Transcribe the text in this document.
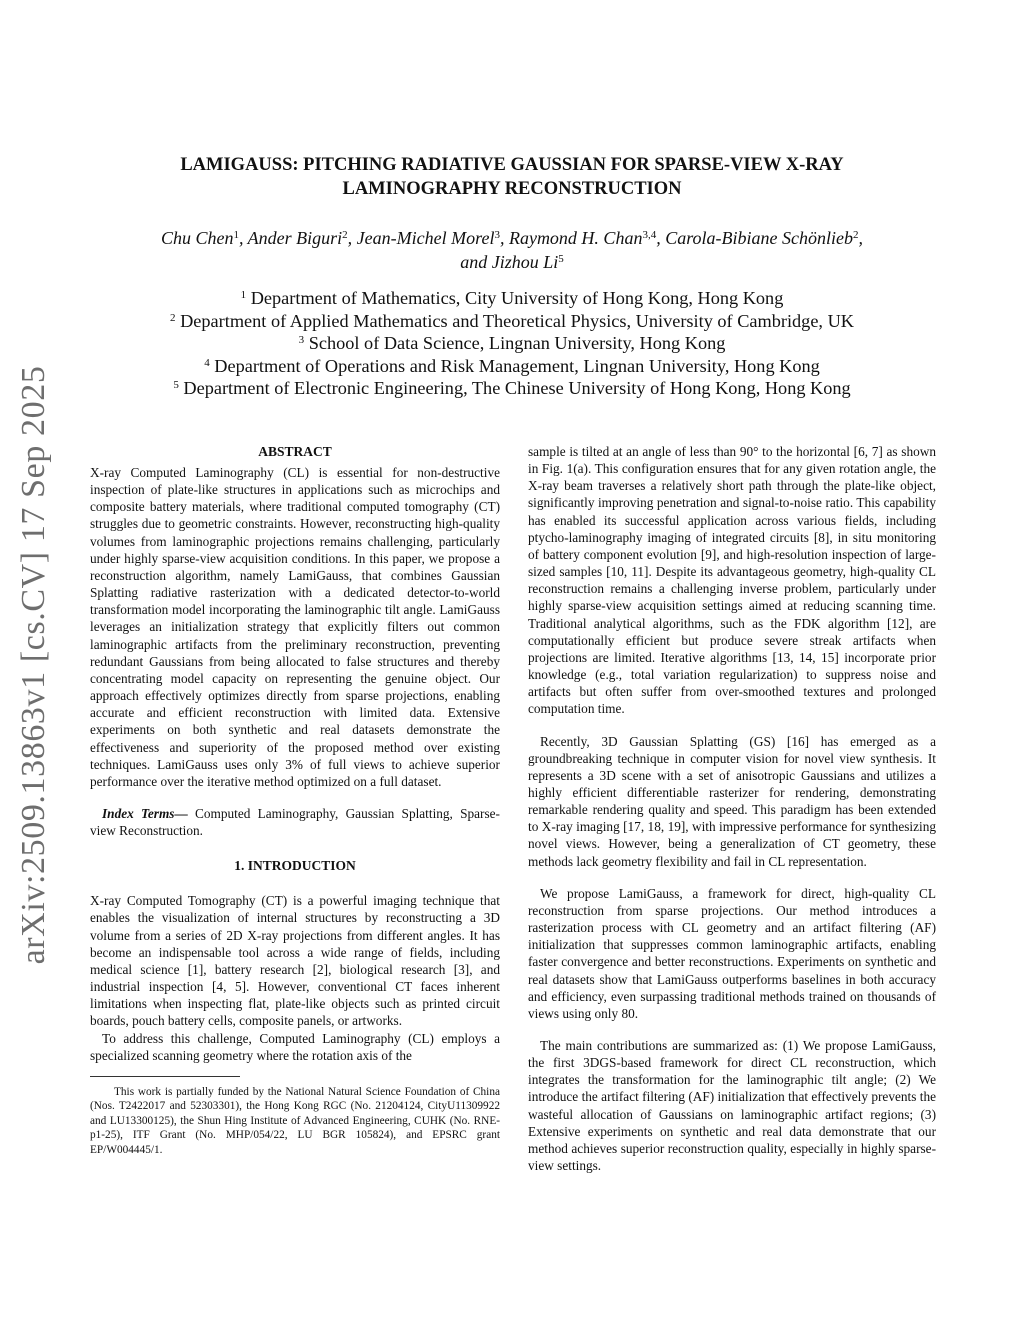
arXiv:2509.13863v1 [cs.CV] 17 Sep 2025
LAMIGAUSS: PITCHING RADIATIVE GAUSSIAN FOR SPARSE-VIEW X-RAY
LAMINOGRAPHY RECONSTRUCTION
Chu Chen$^1$, Ander Biguri$^2$, Jean-Michel Morel$^3$, Raymond H. Chan$^{3,4}$, Carola-Bibiane Schönlieb$^2$,
and Jizhou Li$^5$
$^1$ Department of Mathematics, City University of Hong Kong, Hong Kong
$^2$ Department of Applied Mathematics and Theoretical Physics, University of Cambridge, UK
$^3$ School of Data Science, Lingnan University, Hong Kong
$^4$ Department of Operations and Risk Management, Lingnan University, Hong Kong
$^5$ Department of Electronic Engineering, The Chinese University of Hong Kong, Hong Kong
ABSTRACT

X-ray Computed Laminography (CL) is essential for non-destructive inspection of plate-like structures in applications such as microchips and composite battery materials, where traditional computed tomography (CT) struggles due to geometric constraints. However, reconstructing high-quality volumes from laminographic projections remains challenging, particularly under highly sparse-view acquisition conditions. In this paper, we propose a reconstruction algorithm, namely LamiGauss, that combines Gaussian Splatting radiative rasterization with a dedicated detector-to-world transformation model incorporating the laminographic tilt angle. LamiGauss leverages an initialization strategy that explicitly filters out common laminographic artifacts from the preliminary reconstruction, preventing redundant Gaussians from being allocated to false structures and thereby concentrating model capacity on representing the genuine object. Our approach effectively optimizes directly from sparse projections, enabling accurate and efficient reconstruction with limited data. Extensive experiments on both synthetic and real datasets demonstrate the effectiveness and superiority of the proposed method over existing techniques. LamiGauss uses only 3% of full views to achieve superior performance over the iterative method optimized on a full dataset.

Index Terms— Computed Laminography, Gaussian Splatting, Sparse-view Reconstruction.

1. INTRODUCTION

X-ray Computed Tomography (CT) is a powerful imaging technique that enables the visualization of internal structures by reconstructing a 3D volume from a series of 2D X-ray projections from different angles. It has become an indispensable tool across a wide range of fields, including medical science [1], battery research [2], biological research [3], and industrial inspection [4, 5]. However, conventional CT faces inherent limitations when inspecting flat, plate-like objects such as printed circuit boards, pouch battery cells, composite panels, or artworks.

To address this challenge, Computed Laminography (CL) employs a specialized scanning geometry where the rotation axis of the

This work is partially funded by the National Natural Science Foundation of China (Nos. T2422017 and 52303301), the Hong Kong RGC (No. 21204124, CityU11309922 and LU13300125), the Shun Hing Institute of Advanced Engineering, CUHK (No. RNE-p1-25), ITF Grant (No. MHP/054/22, LU BGR 105824), and EPSRC grant EP/W004445/1.

sample is tilted at an angle of less than 90° to the horizontal [6, 7] as shown in Fig. 1(a). This configuration ensures that for any given rotation angle, the X-ray beam traverses a relatively short path through the plate-like object, significantly improving penetration and signal-to-noise ratio. This capability has enabled its successful application across various fields, including ptycho-laminography imaging of integrated circuits [8], in situ monitoring of battery component evolution [9], and high-resolution inspection of large-sized samples [10, 11]. Despite its advantageous geometry, high-quality CL reconstruction remains a challenging inverse problem, particularly under highly sparse-view acquisition settings aimed at reducing scanning time. Traditional analytical algorithms, such as the FDK algorithm [12], are computationally efficient but produce severe streak artifacts when projections are limited. Iterative algorithms [13, 14, 15] incorporate prior knowledge (e.g., total variation regularization) to suppress noise and artifacts but often suffer from over-smoothed textures and prolonged computation time.

Recently, 3D Gaussian Splatting (GS) [16] has emerged as a groundbreaking technique in computer vision for novel view synthesis. It represents a 3D scene with a set of anisotropic Gaussians and utilizes a highly efficient differentiable rasterizer for rendering, demonstrating remarkable rendering quality and speed. This paradigm has been extended to X-ray imaging [17, 18, 19], with impressive performance for synthesizing novel views. However, being a generalization of CT geometry, these methods lack geometry flexibility and fail in CL representation.

We propose LamiGauss, a framework for direct, high-quality CL reconstruction from sparse projections. Our method introduces a rasterization process with CL geometry and an artifact filtering (AF) initialization that suppresses common laminographic artifacts, enabling faster convergence and better reconstructions. Experiments on synthetic and real datasets show that LamiGauss outperforms baselines in both accuracy and efficiency, even surpassing traditional methods trained on thousands of views using only 80.

The main contributions are summarized as: (1) We propose LamiGauss, the first 3DGS-based framework for direct CL reconstruction, which integrates the transformation for the laminographic tilt angle; (2) We introduce the artifact filtering (AF) initialization that effectively prevents the wasteful allocation of Gaussians on laminographic artifact regions; (3) Extensive experiments on synthetic and real data demonstrate that our method achieves superior reconstruction quality, especially in highly sparse-view settings.
